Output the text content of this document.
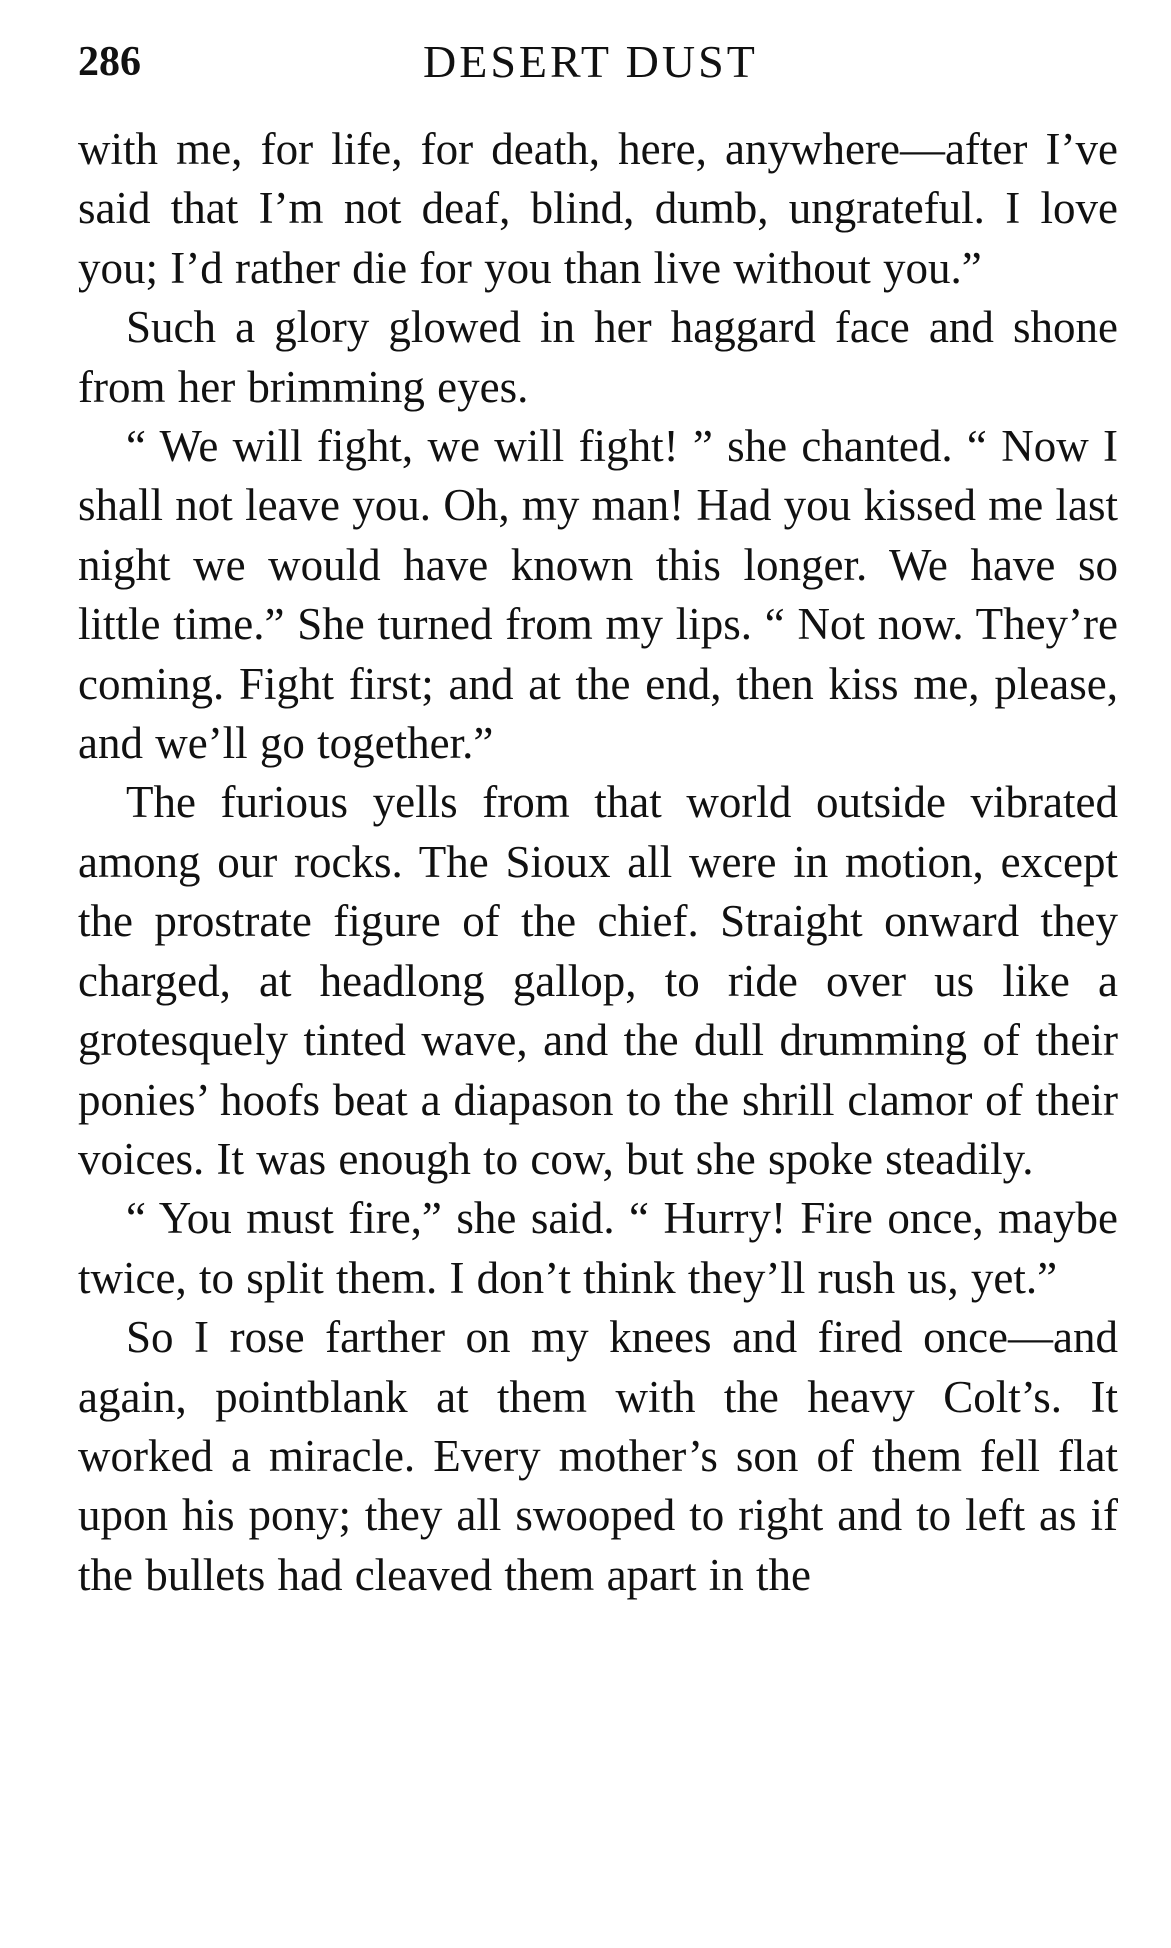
286	DESERT DUST

with me, for life, for death, here, anywhere—after I’ve said that I’m not deaf, blind, dumb, ungrateful. I love you; I’d rather die for you than live without you.”

Such a glory glowed in her haggard face and shone from her brimming eyes.

“ We will fight, we will fight! ” she chanted. “ Now I shall not leave you. Oh, my man! Had you kissed me last night we would have known this longer. We have so little time.” She turned from my lips. “ Not now. They’re coming. Fight first; and at the end, then kiss me, please, and we’ll go together.”

The furious yells from that world outside vibrated among our rocks. The Sioux all were in motion, except the prostrate figure of the chief. Straight onward they charged, at headlong gallop, to ride over us like a grotesquely tinted wave, and the dull drumming of their ponies’ hoofs beat a diapason to the shrill clamor of their voices. It was enough to cow, but she spoke steadily.

“ You must fire,” she said. “ Hurry! Fire once, maybe twice, to split them. I don’t think they’ll rush us, yet.”

So I rose farther on my knees and fired once—and again, pointblank at them with the heavy Colt’s. It worked a miracle. Every mother’s son of them fell flat upon his pony; they all swooped to right and to left as if the bullets had cleaved them apart in the
